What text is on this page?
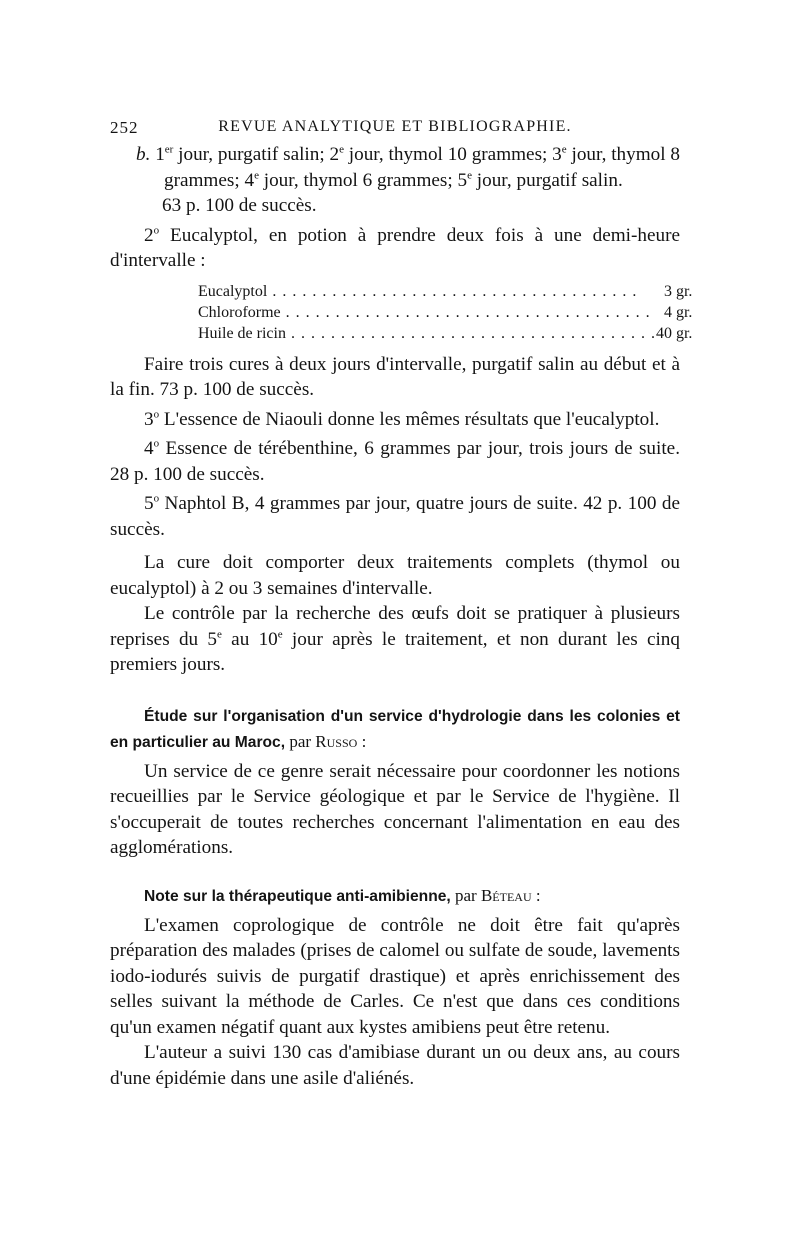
252	REVUE ANALYTIQUE ET BIBLIOGRAPHIE.

b. 1er jour, purgatif salin; 2e jour, thymol 10 grammes; 3e jour, thymol 8 grammes; 4e jour, thymol 6 grammes; 5e jour, purgatif salin.

63 p. 100 de succès.

2$^o$ Eucalyptol, en potion à prendre deux fois à une demi-heure d'intervalle :

Eucalyptol . . .	3 gr.
Chloroforme . . .	4 gr.
Huile de ricin . . .	40 gr.

Faire trois cures à deux jours d'intervalle, purgatif salin au début et à la fin. 73 p. 100 de succès.

3$^o$ L'essence de Niaouli donne les mêmes résultats que l'eucalyptol.

4$^o$ Essence de térébenthine, 6 grammes par jour, trois jours de suite. 28 p. 100 de succès.

5$^o$ Naphtol B, 4 grammes par jour, quatre jours de suite. 42 p. 100 de succès.

La cure doit comporter deux traitements complets (thymol ou eucalyptol) à 2 ou 3 semaines d'intervalle.

Le contrôle par la recherche des œufs doit se pratiquer à plusieurs reprises du 5e au 10e jour après le traitement, et non durant les cinq premiers jours.

Étude sur l'organisation d'un service d'hydrologie dans les colonies et en particulier au Maroc, par Russo :

Un service de ce genre serait nécessaire pour coordonner les notions recueillies par le Service géologique et par le Service de l'hygiène. Il s'occuperait de toutes recherches concernant l'alimentation en eau des agglomérations.

Note sur la thérapeutique anti-amibienne, par Béteau :

L'examen coprologique de contrôle ne doit être fait qu'après préparation des malades (prises de calomel ou sulfate de soude, lavements iodo-iodurés suivis de purgatif drastique) et après enrichissement des selles suivant la méthode de Carles. Ce n'est que dans ces conditions qu'un examen négatif quant aux kystes amibiens peut être retenu.

L'auteur a suivi 130 cas d'amibiase durant un ou deux ans, au cours d'une épidémie dans une asile d'aliénés.
